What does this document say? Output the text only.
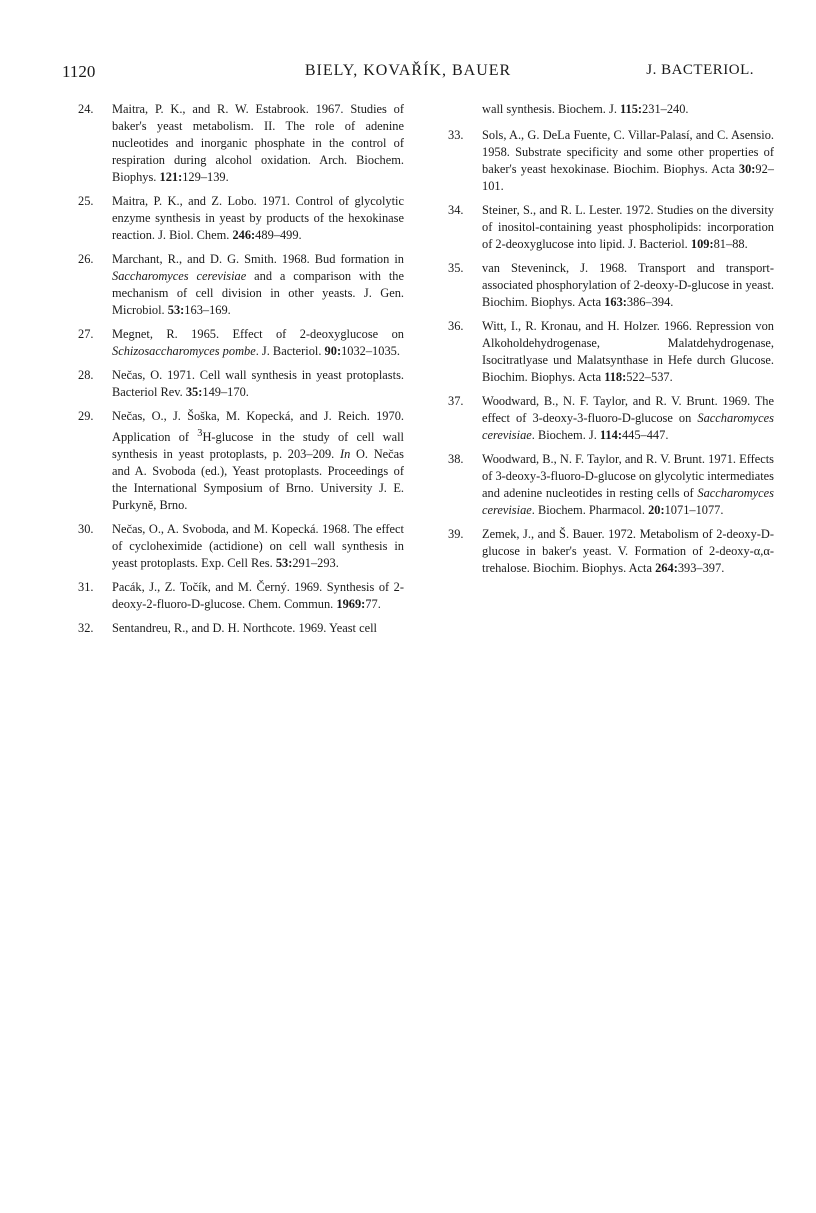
1120	BIELY, KOVAŘÍK, BAUER	J. BACTERIOL.
24. Maitra, P. K., and R. W. Estabrook. 1967. Studies of baker's yeast metabolism. II. The role of adenine nucleotides and inorganic phosphate in the control of respiration during alcohol oxidation. Arch. Biochem. Biophys. 121:129–139.
25. Maitra, P. K., and Z. Lobo. 1971. Control of glycolytic enzyme synthesis in yeast by products of the hexokinase reaction. J. Biol. Chem. 246:489–499.
26. Marchant, R., and D. G. Smith. 1968. Bud formation in Saccharomyces cerevisiae and a comparison with the mechanism of cell division in other yeasts. J. Gen. Microbiol. 53:163–169.
27. Megnet, R. 1965. Effect of 2-deoxyglucose on Schizosaccharomyces pombe. J. Bacteriol. 90:1032–1035.
28. Nečas, O. 1971. Cell wall synthesis in yeast protoplasts. Bacteriol Rev. 35:149–170.
29. Nečas, O., J. Šoška, M. Kopecká, and J. Reich. 1970. Application of $^3$H-glucose in the study of cell wall synthesis in yeast protoplasts, p. 203–209. In O. Nečas and A. Svoboda (ed.), Yeast protoplasts. Proceedings of the International Symposium of Brno. University J. E. Purkyně, Brno.
30. Nečas, O., A. Svoboda, and M. Kopecká. 1968. The effect of cycloheximide (actidione) on cell wall synthesis in yeast protoplasts. Exp. Cell Res. 53:291–293.
31. Pacák, J., Z. Točík, and M. Černý. 1969. Synthesis of 2-deoxy-2-fluoro-D-glucose. Chem. Commun. 1969:77.
32. Sentandreu, R., and D. H. Northcote. 1969. Yeast cell
wall synthesis. Biochem. J. 115:231–240.
33. Sols, A., G. DeLa Fuente, C. Villar-Palasí, and C. Asensio. 1958. Substrate specificity and some other properties of baker's yeast hexokinase. Biochim. Biophys. Acta 30:92–101.
34. Steiner, S., and R. L. Lester. 1972. Studies on the diversity of inositol-containing yeast phospholipids: incorporation of 2-deoxyglucose into lipid. J. Bacteriol. 109:81–88.
35. van Steveninck, J. 1968. Transport and transport-associated phosphorylation of 2-deoxy-D-glucose in yeast. Biochim. Biophys. Acta 163:386–394.
36. Witt, I., R. Kronau, and H. Holzer. 1966. Repression von Alkoholdehydrogenase, Malatdehydrogenase, Isocitratlyase und Malatsynthase in Hefe durch Glucose. Biochim. Biophys. Acta 118:522–537.
37. Woodward, B., N. F. Taylor, and R. V. Brunt. 1969. The effect of 3-deoxy-3-fluoro-D-glucose on Saccharomyces cerevisiae. Biochem. J. 114:445–447.
38. Woodward, B., N. F. Taylor, and R. V. Brunt. 1971. Effects of 3-deoxy-3-fluoro-D-glucose on glycolytic intermediates and adenine nucleotides in resting cells of Saccharomyces cerevisiae. Biochem. Pharmacol. 20:1071–1077.
39. Zemek, J., and Š. Bauer. 1972. Metabolism of 2-deoxy-D-glucose in baker's yeast. V. Formation of 2-deoxy-α,α-trehalose. Biochim. Biophys. Acta 264:393–397.
